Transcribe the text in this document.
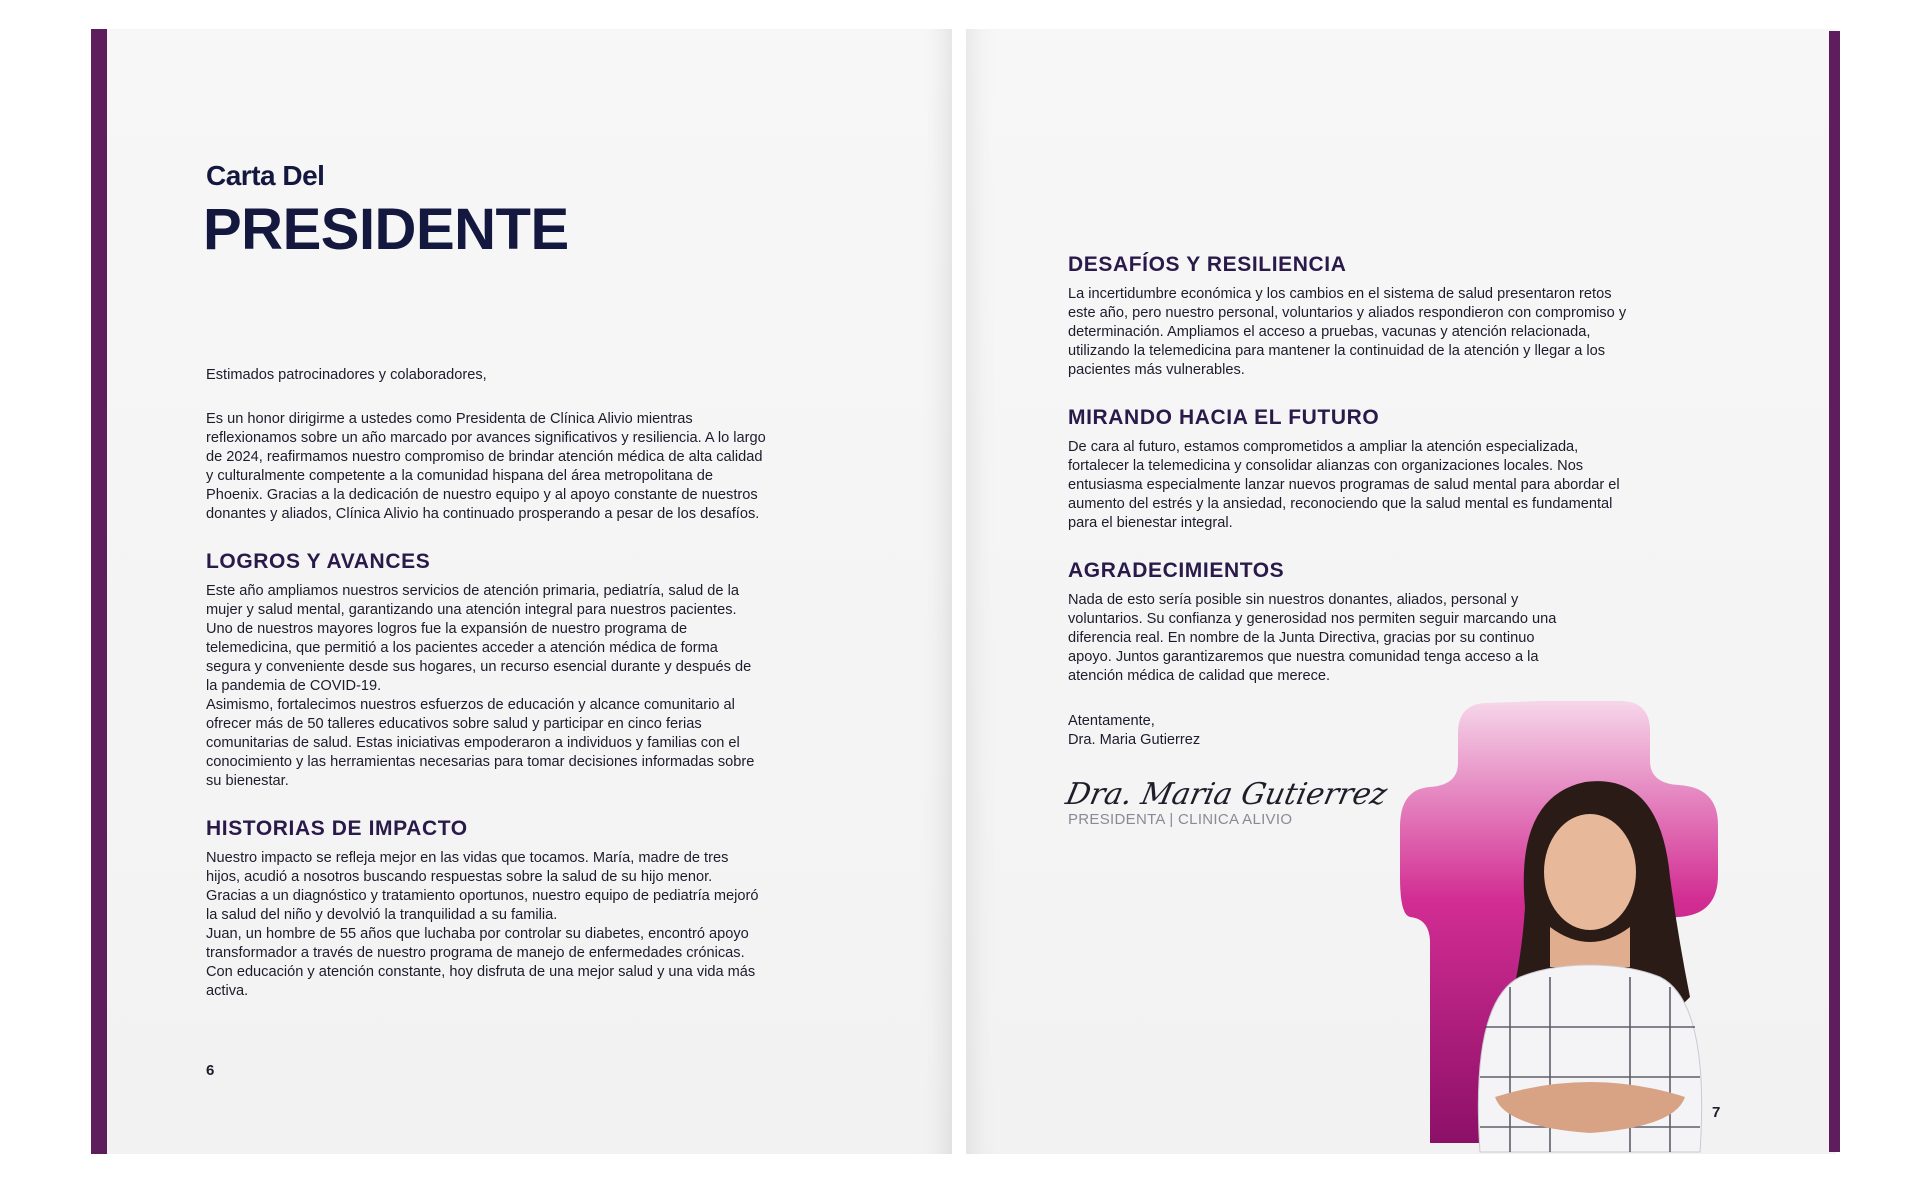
Carta Del
PRESIDENTE

Estimados patrocinadores y colaboradores,

Es un honor dirigirme a ustedes como Presidenta de Clínica Alivio mientras reflexionamos sobre un año marcado por avances significativos y resiliencia. A lo largo de 2024, reafirmamos nuestro compromiso de brindar atención médica de alta calidad y culturalmente competente a la comunidad hispana del área metropolitana de Phoenix. Gracias a la dedicación de nuestro equipo y al apoyo constante de nuestros donantes y aliados, Clínica Alivio ha continuado prosperando a pesar de los desafíos.

LOGROS Y AVANCES

Este año ampliamos nuestros servicios de atención primaria, pediatría, salud de la mujer y salud mental, garantizando una atención integral para nuestros pacientes. Uno de nuestros mayores logros fue la expansión de nuestro programa de telemedicina, que permitió a los pacientes acceder a atención médica de forma segura y conveniente desde sus hogares, un recurso esencial durante y después de la pandemia de COVID-19.

Asimismo, fortalecimos nuestros esfuerzos de educación y alcance comunitario al ofrecer más de 50 talleres educativos sobre salud y participar en cinco ferias comunitarias de salud. Estas iniciativas empoderaron a individuos y familias con el conocimiento y las herramientas necesarias para tomar decisiones informadas sobre su bienestar.

HISTORIAS DE IMPACTO

Nuestro impacto se refleja mejor en las vidas que tocamos. María, madre de tres hijos, acudió a nosotros buscando respuestas sobre la salud de su hijo menor. Gracias a un diagnóstico y tratamiento oportunos, nuestro equipo de pediatría mejoró la salud del niño y devolvió la tranquilidad a su familia.

Juan, un hombre de 55 años que luchaba por controlar su diabetes, encontró apoyo transformador a través de nuestro programa de manejo de enfermedades crónicas. Con educación y atención constante, hoy disfruta de una mejor salud y una vida más activa.

6
DESAFÍOS Y RESILIENCIA

La incertidumbre económica y los cambios en el sistema de salud presentaron retos este año, pero nuestro personal, voluntarios y aliados respondieron con compromiso y determinación. Ampliamos el acceso a pruebas, vacunas y atención relacionada, utilizando la telemedicina para mantener la continuidad de la atención y llegar a los pacientes más vulnerables.

MIRANDO HACIA EL FUTURO

De cara al futuro, estamos comprometidos a ampliar la atención especializada, fortalecer la telemedicina y consolidar alianzas con organizaciones locales. Nos entusiasma especialmente lanzar nuevos programas de salud mental para abordar el aumento del estrés y la ansiedad, reconociendo que la salud mental es fundamental para el bienestar integral.

AGRADECIMIENTOS

Nada de esto sería posible sin nuestros donantes, aliados, personal y voluntarios. Su confianza y generosidad nos permiten seguir marcando una diferencia real. En nombre de la Junta Directiva, gracias por su continuo apoyo. Juntos garantizaremos que nuestra comunidad tenga acceso a la atención médica de calidad que merece.

Atentamente,

Dra. Maria Gutierrez

Dra. Maria Gutierrez
PRESIDENTA | CLINICA ALIVIO
7
